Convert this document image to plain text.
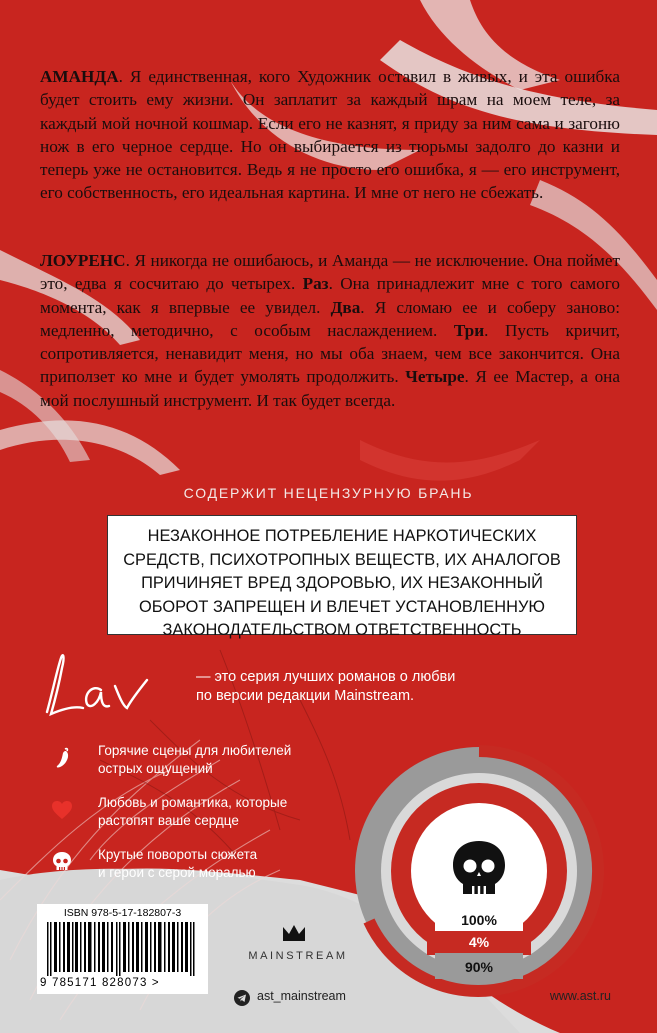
АМАНДА. Я единственная, кого Художник оставил в живых, и эта ошибка будет стоить ему жизни. Он заплатит за каждый шрам на моем теле, за каждый мой ночной кошмар. Если его не казнят, я приду за ним сама и загоню нож в его черное сердце. Но он выбирается из тюрьмы задолго до казни и теперь уже не остановится. Ведь я не просто его ошибка, я — его инструмент, его собственность, его идеальная картина. И мне от него не сбежать.
ЛОУРЕНС. Я никогда не ошибаюсь, и Аманда — не исключение. Она поймет это, едва я сосчитаю до четырех. Раз. Она принадлежит мне с того самого момента, как я впервые ее увидел. Два. Я сломаю ее и соберу заново: медленно, методично, с особым наслаждением. Три. Пусть кричит, сопротивляется, ненавидит меня, но мы оба знаем, чем все закончится. Она приползет ко мне и будет умолять продолжить. Четыре. Я ее Мастер, а она мой послушный инструмент. И так будет всегда.
СОДЕРЖИТ НЕЦЕНЗУРНУЮ БРАНЬ
НЕЗАКОННОЕ ПОТРЕБЛЕНИЕ НАРКОТИЧЕСКИХ СРЕДСТВ, ПСИХОТРОПНЫХ ВЕЩЕСТВ, ИХ АНАЛОГОВ ПРИЧИНЯЕТ ВРЕД ЗДОРОВЬЮ, ИХ НЕЗАКОННЫЙ ОБОРОТ ЗАПРЕЩЕН И ВЛЕЧЕТ УСТАНОВЛЕННУЮ ЗАКОНОДАТЕЛЬСТВОМ ОТВЕТСТВЕННОСТЬ
— это серия лучших романов о любви
по версии редакции Mainstream.
Горячие сцены для любителей
острых ощущений
Любовь и романтика, которые
растопят ваше сердце
Крутые повороты сюжета
и герои с серой моралью
100%
4%
90%
ISBN 978-5-17-182807-3
9 785171 828073 >
MAINSTREAM
ast_mainstream	www.ast.ru
